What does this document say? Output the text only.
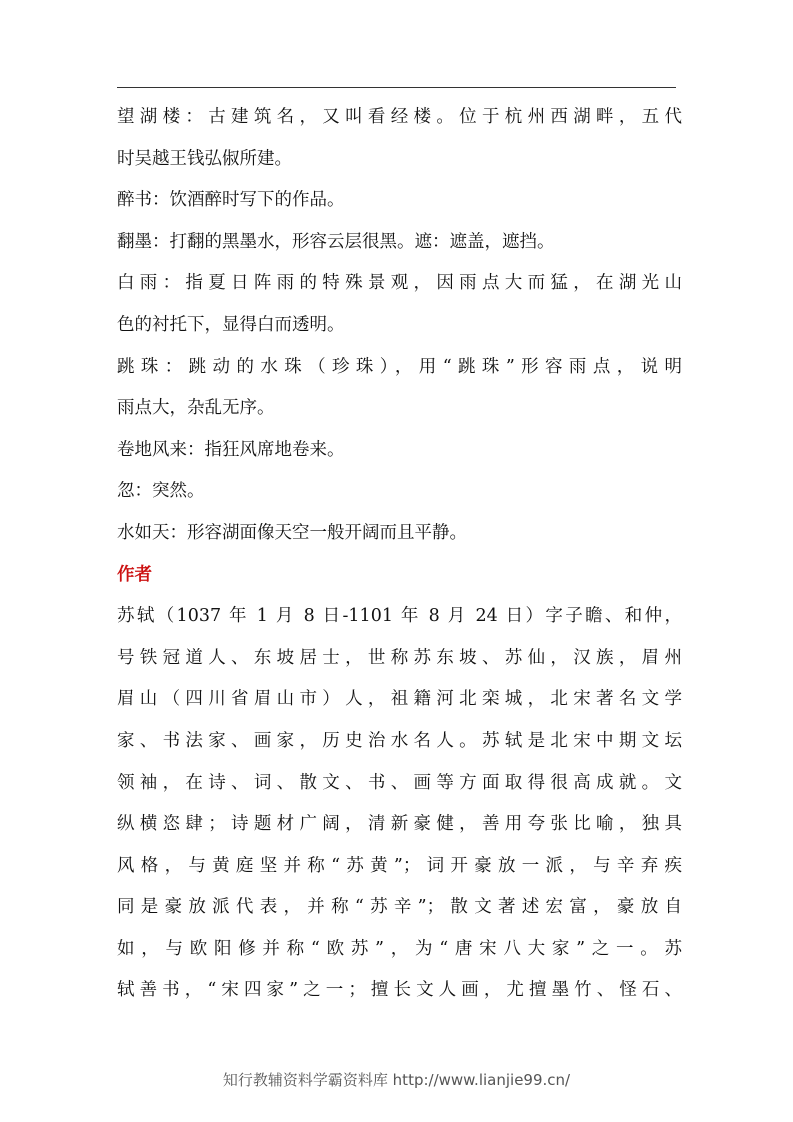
望湖楼：古建筑名，又叫看经楼。位于杭州西湖畔，五代
时吴越王钱弘俶所建。
醉书：饮酒醉时写下的作品。
翻墨：打翻的黑墨水，形容云层很黑。遮：遮盖，遮挡。
白雨：指夏日阵雨的特殊景观，因雨点大而猛，在湖光山
色的衬托下，显得白而透明。
跳珠：跳动的水珠（珍珠），用“跳珠”形容雨点，说明
雨点大，杂乱无序。
卷地风来：指狂风席地卷来。
忽：突然。
水如天：形容湖面像天空一般开阔而且平静。
作者
苏轼（1037 年 1 月 8 日-1101 年 8 月 24 日）字子瞻、和仲，
号铁冠道人、东坡居士，世称苏东坡、苏仙，汉族，眉州
眉山（四川省眉山市）人，祖籍河北栾城，北宋著名文学
家、书法家、画家，历史治水名人。苏轼是北宋中期文坛
领袖，在诗、词、散文、书、画等方面取得很高成就。文
纵横恣肆；诗题材广阔，清新豪健，善用夸张比喻，独具
风格，与黄庭坚并称“苏黄”；词开豪放一派，与辛弃疾
同是豪放派代表，并称“苏辛”；散文著述宏富，豪放自
如，与欧阳修并称“欧苏”，为“唐宋八大家”之一。苏
轼善书，“宋四家”之一；擅长文人画，尤擅墨竹、怪石、
知行教辅资料学霸资料库 http://www.lianjie99.cn/
